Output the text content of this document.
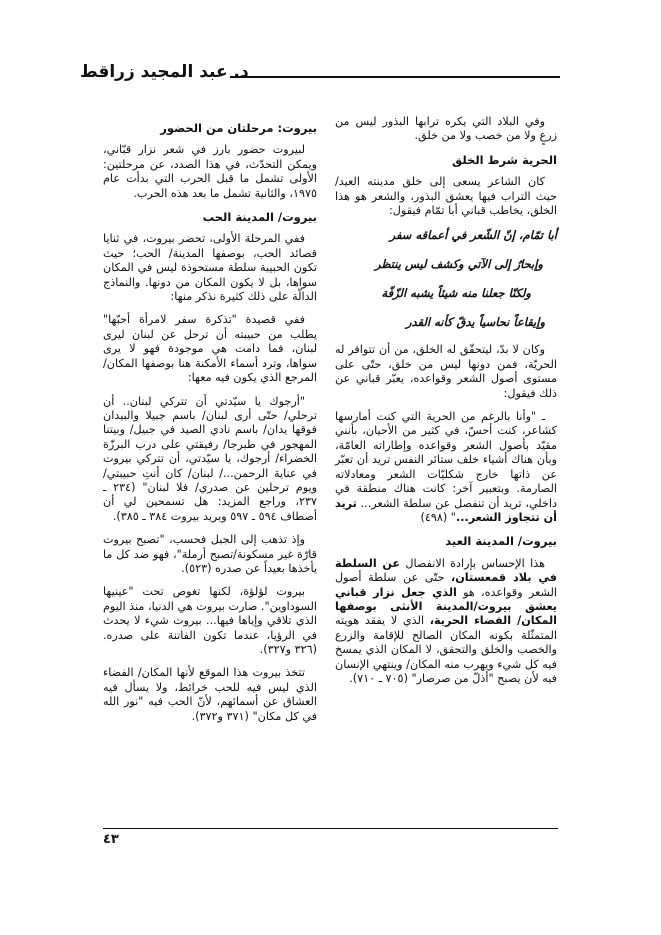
د. عبد المجيد زراقط

وفي البلاد التي يكره ترابها البذور ليس من زرعٍ ولا من خصب ولا من خلق.

الحرية شرط الخلق

كان الشاعر يسعى إلى خلق مدينته العيد/ حيث التراب فيها يعشق البذور، والشعر هو هذا الخلق، يخاطب قباني أبا تمّام فيقول:

أبا تمّام، إنّ الشّعر في أعماقه سفر
وإبحارٌ إلى الآتي وكشف ليس ينتظر
ولكنّا جعلنا منه شيئاً يشبه الزّفّة
وإيقاعاً نحاسياً يدقّ كأنه القدر

وكان لا بدّ، ليتحقّق له الخلق، من أن تتوافر له الحريّة، فمن دونها ليس من خلق، حتّى على مستوى أصول الشعر وقواعده، يعبّر قباني عن ذلك فيقول:

ـ "وأنا بالرغم من الحرية التي كنت أمارسها كشاعر، كنت أحسّ، في كثير من الأحيان، بأنني مقيّد بأصول الشعر وقواعده وإطاراته العامّة، وبأن هناك أشياء خلف ستائر النفس تريد أن تعبّر عن ذاتها خارج شكليّات الشعر ومعادلاته الصارمة. وبتعبير آخر: كانت هناك منطقة في داخلي، تريد أن تنفصل عن سلطة الشعر... تريد أن تتجاوز الشعر..." (٤٩٨)

بيروت/ المدينة العيد

هذا الإحساس بإرادة الانفصال عن السلطة في بلاد قمعستان، حتّى عن سلطة أصول الشعر وقواعده، هو الذي جعل نزار قباني يعشق بيروت/المدينة الأنثى بوصفها المكان/ الفضاء الحرية، الذي لا يفقد هويته المتمثّلة بكونه المكان الصالح للإقامة والزرع والخصب والخلق والتحقق، لا المكان الذي يمسخ فيه كل شيء ويهرب منه المكان/ وينتهي الإنسان فيه لأن يصبح "أذلّ من صرصار" (٧٠٥ ـ ٧١٠).

بيروت: مرحلتان من الحضور

لبيروت حضور بارز في شعر نزار قبّاني، ويمكن التحدّث، في هذا الصدد، عن مرحلتين: الأولى تشمل ما قبل الحرب التي بدأت عام ١٩٧٥، والثانية تشمل ما بعد هذه الحرب.

بيروت/ المدينة الحب

ففي المرحلة الأولى، تحضر بيروت، في ثنايا قصائد الحب، بوصفها المدينة/ الحب؛ حيث تكون الحبيبة سلطة مستحوذة ليس في المكان سواها، بل لا يكون المكان من دونها. والنماذج الدالّة على ذلك كثيرة نذكر منها:

ففي قصيدة "تذكرة سفر لامرأة أحبّها" يطلب من حبيبته أن ترحل عن لبنان ليرى لبنان، فما دامت هي موجودة فهو لا يرى سواها، وترد أسماء الأمكنة هنا بوصفها المكان/ المرجع الذي يكون فيه معها:

"أرجوك يا سيّدتي أن تتركي لبنان.. أن ترحلي/ حتّى أرى لبنان/ باسم جبيلا والبيدان فوقها يدان/ باسم نادي الصيد في جبيل/ وبيتنا المهجور في طبرجا/ رفيقتي على درب البرزّة الخضراء/ أرجوك، يا سيّدتي، أن تتركي بيروت في عناية الرحمن.../ لبنان/ كان أنتِ حبيبتي/ ويوم ترحلين عن صدري/ فلا لبنان" (٢٣٤ ـ ٢٣٧، وراجع المزيد: هل تسمحين لي أن أصطاف ٥٩٤ ـ ٥٩٧ وبريد بيروت ٣٨٤ ـ ٣٨٥).

وإذ تذهب إلى الجبل فحسب، "تصبح بيروت قارّة غير مسكونة/تصبح أرملة"، فهو ضد كل ما يأخذها بعيداً عن صدره (٥٢٣).

بيروت لؤلؤة، لكنها تغوص تحت "عينيها السوداوين". صارت بيروت هي الدنيا، منذ اليوم الذي تلاقي وإياها فيها... بيروت شيء لا يحدث في الرؤيا، عندما تكون الفاتنة على صدره. (٣٢٦ و٣٢٧).

تتخذ بيروت هذا الموقع لأنها المكان/ الفضاء الذي ليس فيه للحب خرائط، ولا يسأل فيه العشاق عن أسمائهم، لأنّ الحب فيه "نور الله في كل مكان" (٣٧١ و٣٧٢).

٤٣
